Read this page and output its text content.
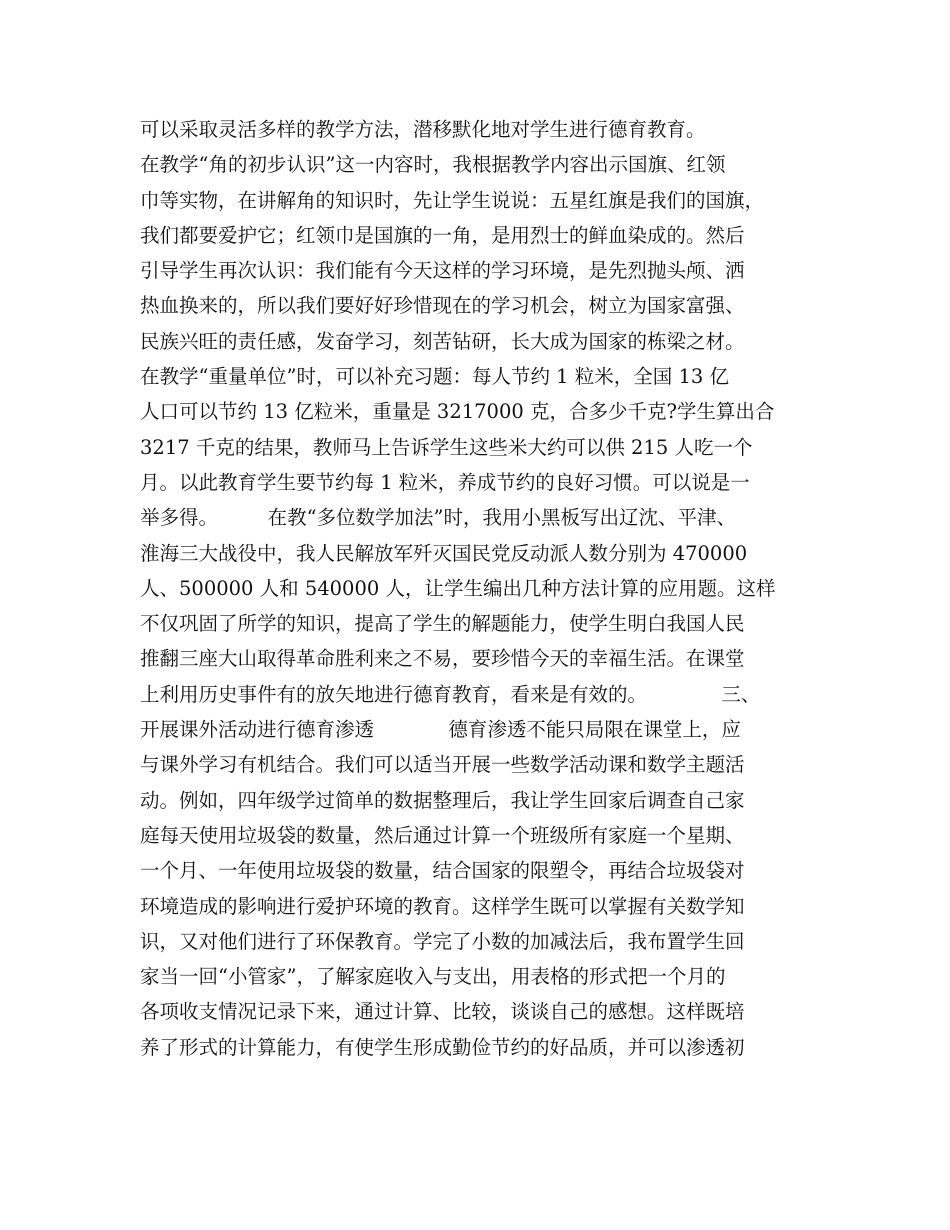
可以采取灵活多样的教学方法，潜移默化地对学生进行德育教育。
在教学“角的初步认识”这一内容时，我根据教学内容出示国旗、红领
巾等实物，在讲解角的知识时，先让学生说说：五星红旗是我们的国旗，
我们都要爱护它；红领巾是国旗的一角，是用烈士的鲜血染成的。然后
引导学生再次认识：我们能有今天这样的学习环境，是先烈抛头颅、洒
热血换来的，所以我们要好好珍惜现在的学习机会，树立为国家富强、
民族兴旺的责任感，发奋学习，刻苦钻研，长大成为国家的栋梁之材。
在教学“重量单位”时，可以补充习题：每人节约 1 粒米，全国 13 亿
人口可以节约 13 亿粒米，重量是 3217000 克，合多少千克?学生算出合
3217 千克的结果，教师马上告诉学生这些米大约可以供 215 人吃一个
月。以此教育学生要节约每 1 粒米，养成节约的良好习惯。可以说是一
举多得。        在教“多位数学加法”时，我用小黑板写出辽沈、平津、
淮海三大战役中，我人民解放军歼灭国民党反动派人数分别为 470000
人、500000 人和 540000 人，让学生编出几种方法计算的应用题。这样
不仅巩固了所学的知识，提高了学生的解题能力，使学生明白我国人民
推翻三座大山取得革命胜利来之不易，要珍惜今天的幸福生活。在课堂
上利用历史事件有的放矢地进行德育教育，看来是有效的。            三、
开展课外活动进行德育渗透            德育渗透不能只局限在课堂上，应
与课外学习有机结合。我们可以适当开展一些数学活动课和数学主题活
动。例如，四年级学过简单的数据整理后，我让学生回家后调查自己家
庭每天使用垃圾袋的数量，然后通过计算一个班级所有家庭一个星期、
一个月、一年使用垃圾袋的数量，结合国家的限塑令，再结合垃圾袋对
环境造成的影响进行爱护环境的教育。这样学生既可以掌握有关数学知
识，又对他们进行了环保教育。学完了小数的加减法后，我布置学生回
家当一回“小管家”，了解家庭收入与支出，用表格的形式把一个月的
各项收支情况记录下来，通过计算、比较，谈谈自己的感想。这样既培
养了形式的计算能力，有使学生形成勤俭节约的好品质，并可以渗透初
